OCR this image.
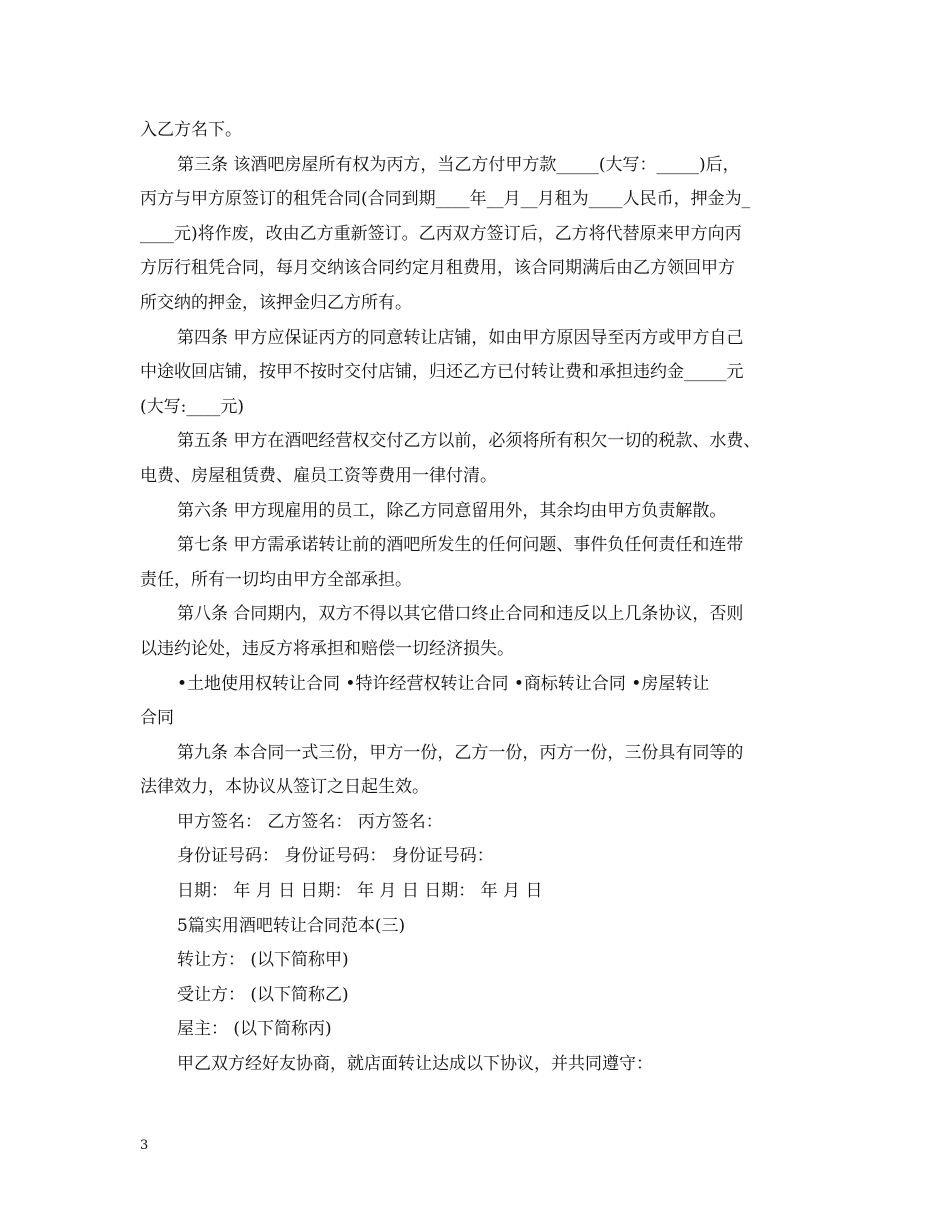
入乙方名下。
第三条 该酒吧房屋所有权为丙方，当乙方付甲方款_____(大写：_____)后，
丙方与甲方原签订的租凭合同(合同到期____年__月__月租为____人民币，押金为_
____元)将作废，改由乙方重新签订。乙丙双方签订后，乙方将代替原来甲方向丙
方厉行租凭合同，每月交纳该合同约定月租费用，该合同期满后由乙方领回甲方
所交纳的押金，该押金归乙方所有。
第四条 甲方应保证丙方的同意转让店铺，如由甲方原因导至丙方或甲方自己
中途收回店铺，按甲不按时交付店铺，归还乙方已付转让费和承担违约金_____元
(大写:____元)
第五条 甲方在酒吧经营权交付乙方以前，必须将所有积欠一切的税款、水费、
电费、房屋租赁费、雇员工资等费用一律付清。
第六条 甲方现雇用的员工，除乙方同意留用外，其余均由甲方负责解散。
第七条 甲方需承诺转让前的酒吧所发生的任何问题、事件负任何责任和连带
责任，所有一切均由甲方全部承担。
第八条 合同期内，双方不得以其它借口终止合同和违反以上几条协议，否则
以违约论处，违反方将承担和赔偿一切经济损失。
•土地使用权转让合同 •特许经营权转让合同 •商标转让合同 •房屋转让
合同
第九条 本合同一式三份，甲方一份，乙方一份，丙方一份，三份具有同等的
法律效力，本协议从签订之日起生效。
甲方签名： 乙方签名： 丙方签名：
身份证号码： 身份证号码： 身份证号码：
日期： 年 月 日 日期： 年 月 日 日期： 年 月 日
5篇实用酒吧转让合同范本(三)
转让方： (以下简称甲)
受让方： (以下简称乙)
屋主： (以下简称丙)
甲乙双方经好友协商，就店面转让达成以下协议，并共同遵守：
3
